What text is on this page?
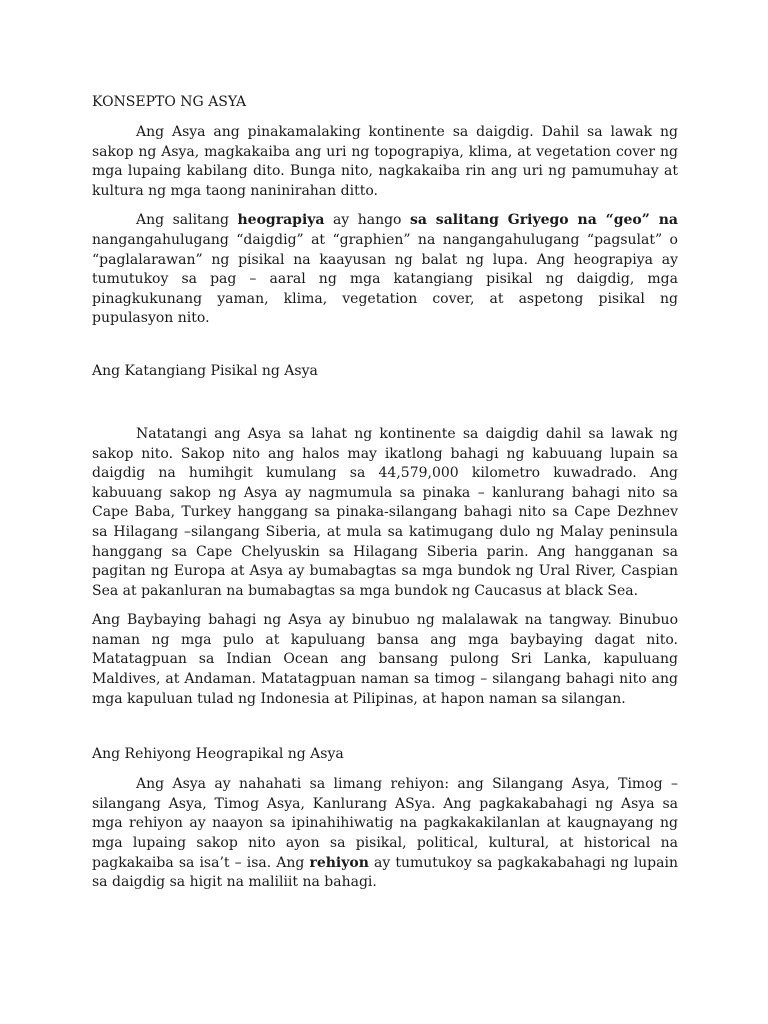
KONSEPTO NG ASYA

Ang Asya ang pinakamalaking kontinente sa daigdig. Dahil sa lawak ng sakop ng Asya, magkakaiba ang uri ng topograpiya, klima, at vegetation cover ng mga lupaing kabilang dito. Bunga nito, nagkakaiba rin ang uri ng pamumuhay at kultura ng mga taong naninirahan ditto.

Ang salitang heograpiya ay hango sa salitang Griyego na “geo” na nangangahulugang “daigdig” at “graphien” na nangangahulugang “pagsulat” o “paglalarawan” ng pisikal na kaayusan ng balat ng lupa. Ang heograpiya ay tumutukoy sa pag – aaral ng mga katangiang pisikal ng daigdig, mga pinagkukunang yaman, klima, vegetation cover, at aspetong pisikal ng pupulasyon nito.

Ang Katangiang Pisikal ng Asya

Natatangi ang Asya sa lahat ng kontinente sa daigdig dahil sa lawak ng sakop nito. Sakop nito ang halos may ikatlong bahagi ng kabuuang lupain sa daigdig na humihgit kumulang sa 44,579,000 kilometro kuwadrado. Ang kabuuang sakop ng Asya ay nagmumula sa pinaka – kanlurang bahagi nito sa Cape Baba, Turkey hanggang sa pinaka-silangang bahagi nito sa Cape Dezhnev sa Hilagang –silangang Siberia, at mula sa katimugang dulo ng Malay peninsula hanggang sa Cape Chelyuskin sa Hilagang Siberia parin. Ang hangganan sa pagitan ng Europa at Asya ay bumabagtas sa mga bundok ng Ural River, Caspian Sea at pakanluran na bumabagtas sa mga bundok ng Caucasus at black Sea.

Ang Baybaying bahagi ng Asya ay binubuo ng malalawak na tangway. Binubuo naman ng mga pulo at kapuluang bansa ang mga baybaying dagat nito. Matatagpuan sa Indian Ocean ang bansang pulong Sri Lanka, kapuluang Maldives, at Andaman. Matatagpuan naman sa timog – silangang bahagi nito ang mga kapuluan tulad ng Indonesia at Pilipinas, at hapon naman sa silangan.

Ang Rehiyong Heograpikal ng Asya

Ang Asya ay nahahati sa limang rehiyon: ang Silangang Asya, Timog – silangang Asya, Timog Asya, Kanlurang ASya. Ang pagkakabahagi ng Asya sa mga rehiyon ay naayon sa ipinahihiwatig na pagkakakilanlan at kaugnayang ng mga lupaing sakop nito ayon sa pisikal, political, kultural, at historical na pagkakaiba sa isa’t – isa. Ang rehiyon ay tumutukoy sa pagkakabahagi ng lupain sa daigdig sa higit na maliliit na bahagi.
